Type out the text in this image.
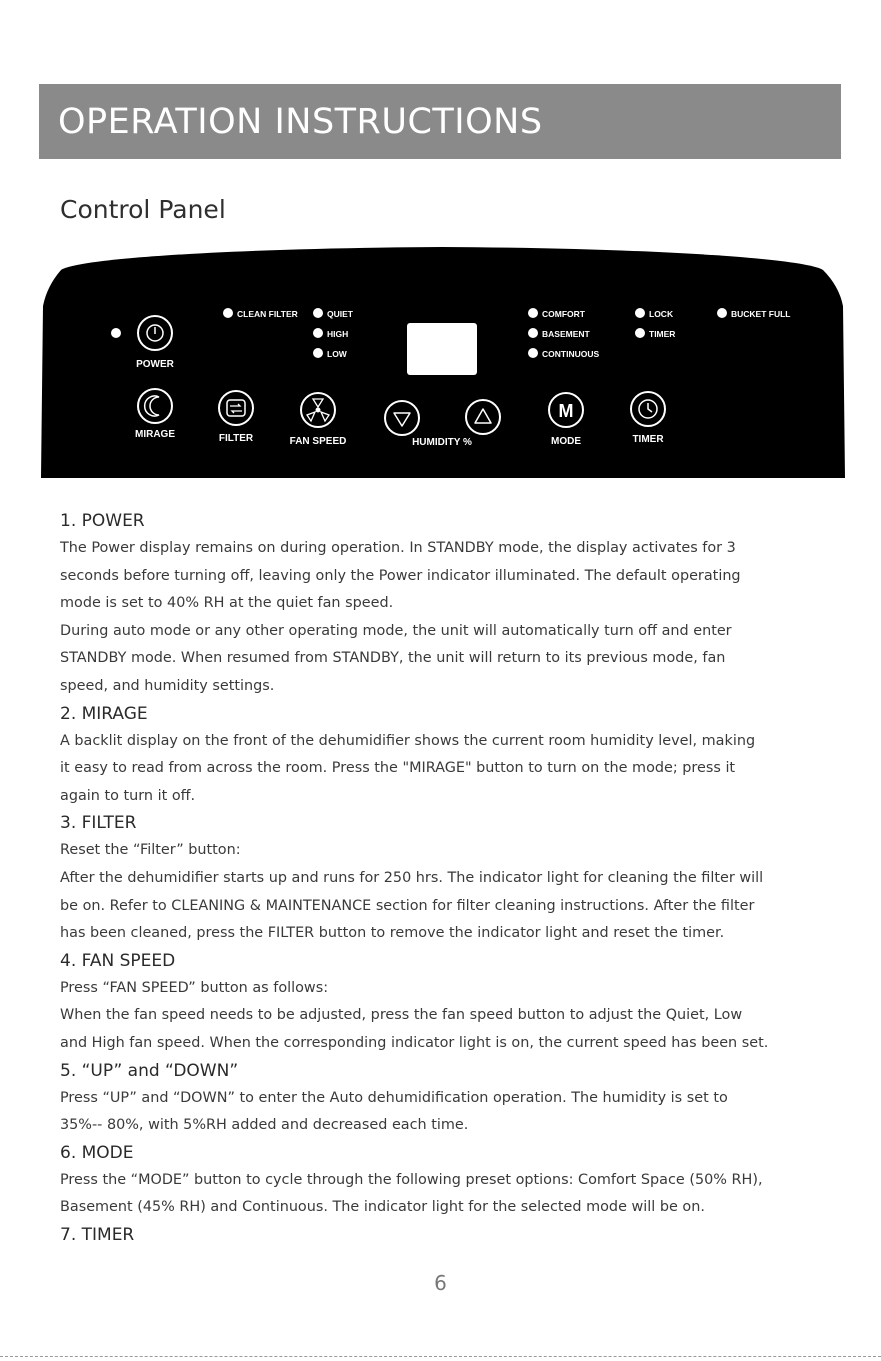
OPERATION INSTRUCTIONS
Control Panel
CLEAN FILTER	QUIET
HIGH
LOW
COMFORT
BASEMENT
CONTINUOUS
LOCK
TIMER
BUCKET FULL
POWER
MIRAGE	FILTER	FAN SPEED	HUMIDITY %
M
MODE	TIMER
1. POWER

The Power display remains on during operation. In STANDBY mode, the display activates for 3

seconds before turning off, leaving only the Power indicator illuminated. The default operating

mode is set to 40% RH at the quiet fan speed.

During auto mode or any other operating mode, the unit will automatically turn off and enter

STANDBY mode. When resumed from STANDBY, the unit will return to its previous mode, fan

speed, and humidity settings.

2. MIRAGE

A backlit display on the front of the dehumidifier shows the current room humidity level, making

it easy to read from across the room. Press the "MIRAGE" button to turn on the mode; press it

again to turn it off.

3. FILTER

Reset the “Filter” button:

After the dehumidifier starts up and runs for 250 hrs. The indicator light for cleaning the filter will

be on. Refer to CLEANING & MAINTENANCE section for filter cleaning instructions. After the filter

has been cleaned, press the FILTER button to remove the indicator light and reset the timer.

4. FAN SPEED

Press “FAN SPEED” button as follows:

When the fan speed needs to be adjusted, press the fan speed button to adjust the Quiet, Low

and High fan speed. When the corresponding indicator light is on, the current speed has been set.

5. “UP” and “DOWN”

Press “UP” and “DOWN” to enter the Auto dehumidification operation. The humidity is set to

35%-- 80%, with 5%RH added and decreased each time.

6. MODE

Press the “MODE” button to cycle through the following preset options: Comfort Space (50% RH),

Basement (45% RH) and Continuous. The indicator light for the selected mode will be on.

7. TIMER
6
